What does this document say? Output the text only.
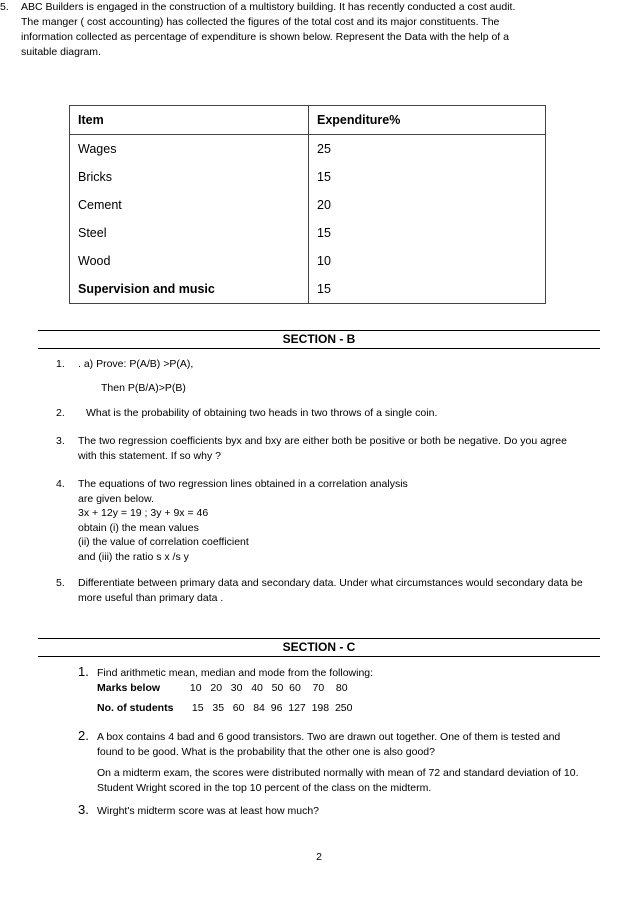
5. ABC Builders is engaged in the construction of a multistory building. It has recently conducted a cost audit.
The manger ( cost accounting) has collected the figures of the total cost and its major constituents. The
information collected as percentage of expenditure is shown below. Represent the Data with the help of a
suitable diagram.
Item	Expenditure%
Wages	25
Bricks	15
Cement	20
Steel	15
Wood	10
Supervision and music	15
SECTION - B
1. . a) Prove: P(A/B) >P(A),
Then P(B/A)>P(B)
2. What is the probability of obtaining two heads in two throws of a single coin.
3. The two regression coefficients byx and bxy are either both be positive or both be negative. Do you agree
with this statement. If so why ?
4. The equations of two regression lines obtained in a correlation analysis
are given below.
3x + 12y = 19 ; 3y + 9x = 46
obtain (i) the mean values
(ii) the value of correlation coefficient
and (iii) the ratio s x /s y
5. Differentiate between primary data and secondary data. Under what circumstances would secondary data be
more useful than primary data .
SECTION - C
1. Find arithmetic mean, median and mode from the following:
Marks below	10   20   30   40   50  60    70    80
No. of students 15   35   60   84  96  127  198  250
2. A box contains 4 bad and 6 good transistors. Two are drawn out together. One of them is tested and
found to be good. What is the probability that the other one is also good?
On a midterm exam, the scores were distributed normally with mean of 72 and standard deviation of 10.
Student Wright scored in the top 10 percent of the class on the midterm.
3. Wirght's midterm score was at least how much?
2
